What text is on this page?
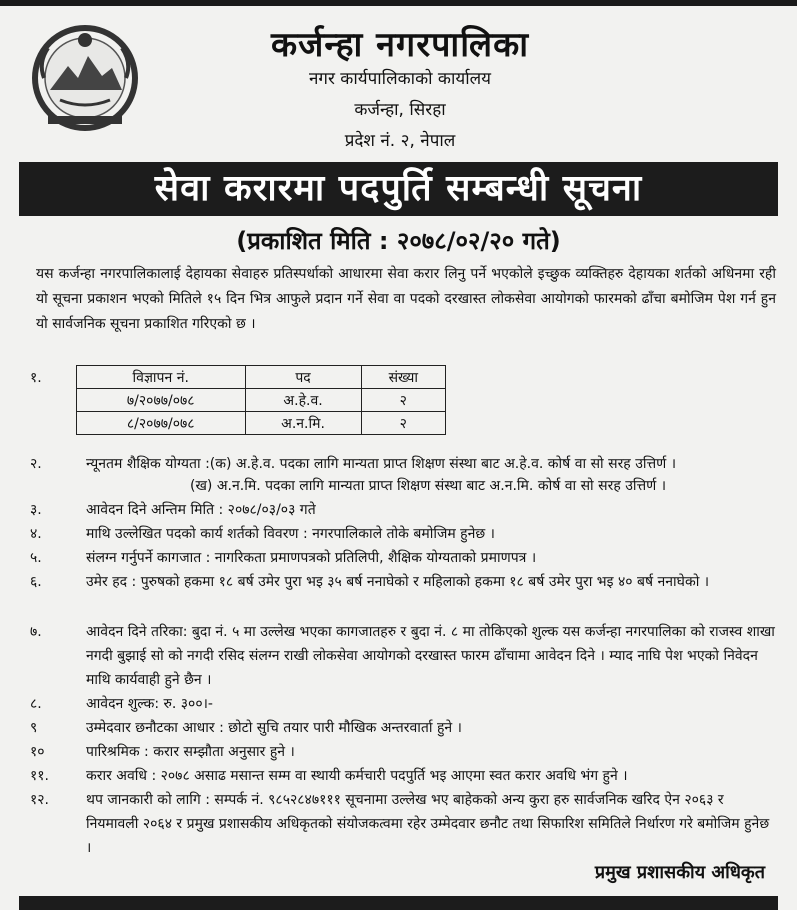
कर्जन्हा नगरपालिका
नगर कार्यपालिकाको कार्यालय
कर्जन्हा, सिरहा
प्रदेश नं. २, नेपाल
सेवा करारमा पदपुर्ति सम्बन्धी सूचना
(प्रकाशित मिति : २०७८/०२/२० गते)
यस कर्जन्हा नगरपालिकालाई देहायका सेवाहरु प्रतिस्पर्धाको आधारमा सेवा करार लिनु पर्ने भएकोले इच्छुक व्यक्तिहरु देहायका शर्तको अधिनमा रही यो सूचना प्रकाशन भएको मितिले १५ दिन भित्र आफुले प्रदान गर्ने सेवा वा पदको दरखास्त लोकसेवा आयोगको फारमको ढाँचा बमोजिम पेश गर्न हुन यो सार्वजनिक सूचना प्रकाशित गरिएको छ ।
१.	विज्ञापन नं.	पद	संख्या
७/२०७७/०७८	अ.हे.व.	२
८/२०७७/०७८	अ.न.मि.	२
२.	न्यूनतम शैक्षिक योग्यता :(क) अ.हे.व. पदका लागि मान्यता प्राप्त शिक्षण संस्था बाट अ.हे.व. कोर्ष वा सो सरह उत्तिर्ण ।
(ख) अ.न.मि. पदका लागि मान्यता प्राप्त शिक्षण संस्था बाट अ.न.मि. कोर्ष वा सो सरह उत्तिर्ण ।
३.	आवेदन दिने अन्तिम मिति : २०७८/०३/०३ गते
४.	माथि उल्लेखित पदको कार्य शर्तको विवरण : नगरपालिकाले तोके बमोजिम हुनेछ ।
५.	संलग्न गर्नुपर्ने कागजात : नागरिकता प्रमाणपत्रको प्रतिलिपी, शैक्षिक योग्यताको प्रमाणपत्र ।
६.	उमेर हद : पुरुषको हकमा १८ बर्ष उमेर पुरा भइ ३५ बर्ष ननाघेको र महिलाको हकमा १८ बर्ष उमेर पुरा भइ ४० बर्ष ननाघेको ।
७.	आवेदन दिने तरिका: बुदा नं. ५ मा उल्लेख भएका कागजातहरु र बुदा नं. ८ मा तोकिएको शुल्क यस कर्जन्हा नगरपालिका को राजस्व शाखा नगदी बुझाई सो को नगदी रसिद संलग्न राखी लोकसेवा आयोगको दरखास्त फारम ढाँचामा आवेदन दिने । म्याद नाघि पेश भएको निवेदन माथि कार्यवाही हुने छैन ।
८.	आवेदन शुल्क: रु. ३००।-
९	उम्मेदवार छनौटका आधार : छोटो सुचि तयार पारी मौखिक अन्तरवार्ता हुने ।
१०	पारिश्रमिक : करार सम्झौता अनुसार हुने ।
११.	करार अवधि : २०७८ असाढ मसान्त सम्म वा स्थायी कर्मचारी पदपुर्ति भइ आएमा स्वत करार अवधि भंग हुने ।
१२.	थप जानकारी को लागि : सम्पर्क नं. ९८५२८४७१११ सूचनामा उल्लेख भए बाहेकको अन्य कुरा हरु सार्वजनिक खरिद ऐन २०६३ र नियमावली २०६४ र प्रमुख प्रशासकीय अधिकृतको संयोजकत्वमा रहेर उम्मेदवार छनौट तथा सिफारिश समितिले निर्धारण गरे बमोजिम हुनेछ ।
प्रमुख प्रशासकीय अधिकृत
